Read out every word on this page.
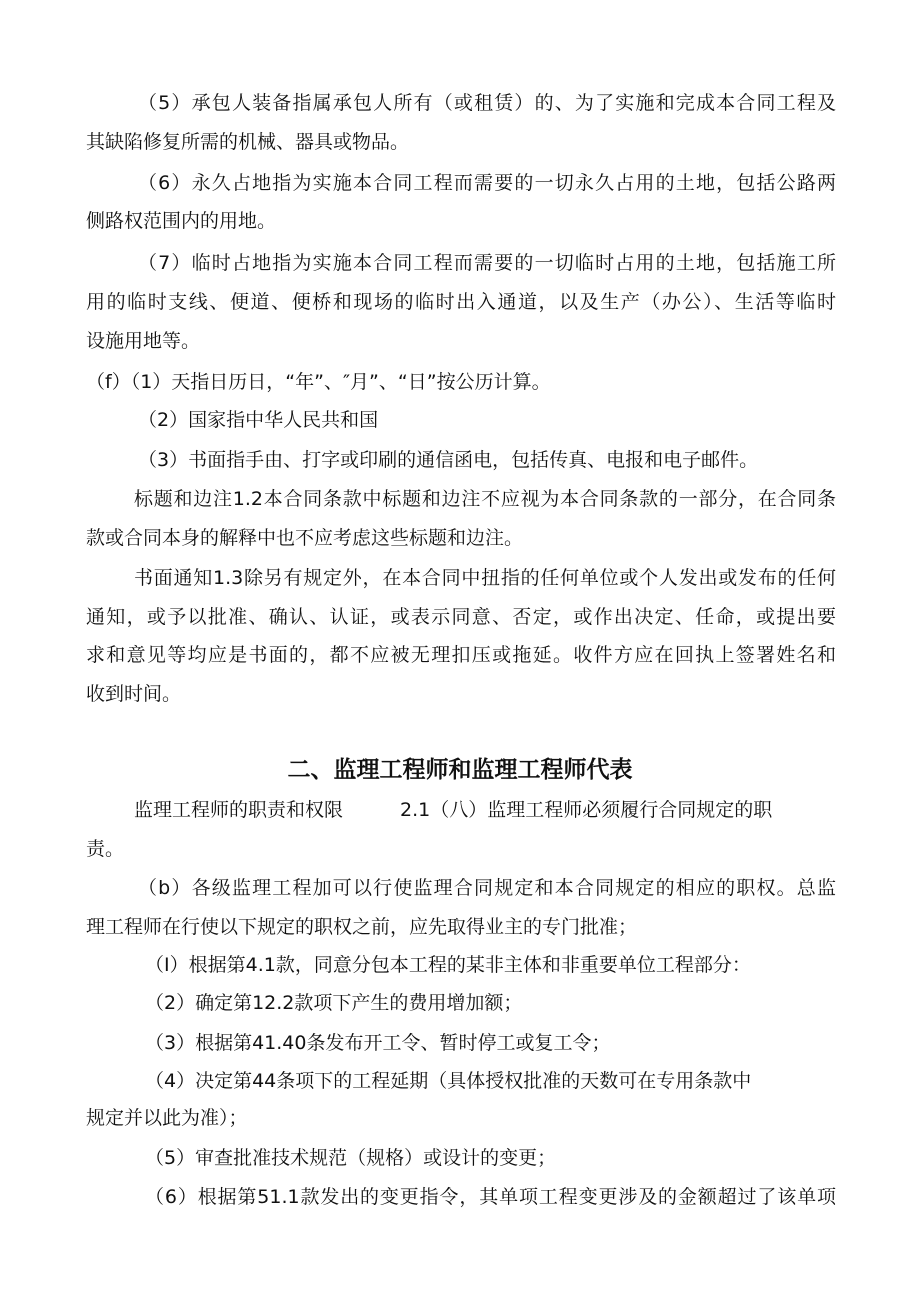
（5）承包人装备指属承包人所有（或租赁）的、为了实施和完成本合同工程及
其缺陷修复所需的机械、器具或物品。
（6）永久占地指为实施本合同工程而需要的一切永久占用的土地，包括公路两
侧路权范围内的用地。
（7）临时占地指为实施本合同工程而需要的一切临时占用的土地，包括施工所
用的临时支线、便道、便桥和现场的临时出入通道，以及生产（办公）、生活等临时
设施用地等。
（f）（1）天指日历日，“年”、″月”、“日”按公历计算。
（2）国家指中华人民共和国
（3）书面指手由、打字或印刷的通信函电，包括传真、电报和电子邮件。
标题和边注1.2本合同条款中标题和边注不应视为本合同条款的一部分，在合同条
款或合同本身的解释中也不应考虑这些标题和边注。
书面通知1.3除另有规定外，在本合同中扭指的任何单位或个人发出或发布的任何
通知，或予以批准、确认、认证，或表示同意、否定，或作出决定、任命，或提出要
求和意见等均应是书面的，都不应被无理扣压或拖延。收件方应在回执上签署姓名和
收到时间。
二、监理工程师和监理工程师代表
监理工程师的职责和权限　　　2.1（八）监理工程师必须履行合同规定的职
责。
（b）各级监理工程加可以行使监理合同规定和本合同规定的相应的职权。总监
理工程师在行使以下规定的职权之前，应先取得业主的专门批准；
（I）根据第4.1款，同意分包本工程的某非主体和非重要单位工程部分：
（2）确定第12.2款项下产生的费用增加额；
（3）根据第41.40条发布开工令、暂时停工或复工令；
（4）决定第44条项下的工程延期（具体授权批准的天数可在专用条款中
规定并以此为准）；
（5）审查批准技术规范（规格）或设计的变更；
（6）根据第51.1款发出的变更指令，其单项工程变更涉及的金额超过了该单项
